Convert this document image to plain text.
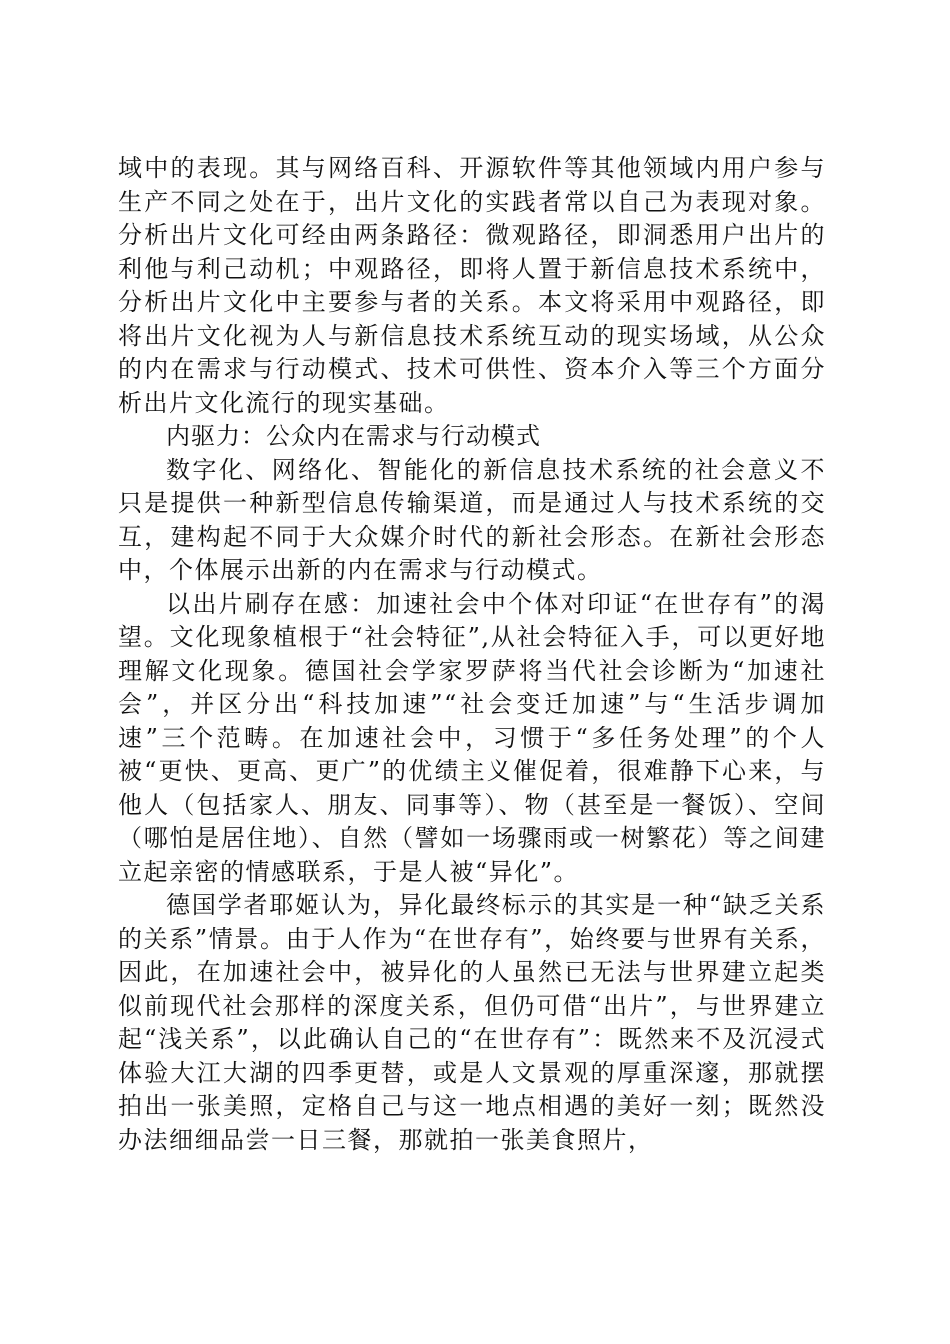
域中的表现。其与网络百科、开源软件等其他领域内用户参与生产不同之处在于，出片文化的实践者常以自己为表现对象。分析出片文化可经由两条路径：微观路径，即洞悉用户出片的利他与利己动机；中观路径，即将人置于新信息技术系统中，分析出片文化中主要参与者的关系。本文将采用中观路径，即将出片文化视为人与新信息技术系统互动的现实场域，从公众的内在需求与行动模式、技术可供性、资本介入等三个方面分析出片文化流行的现实基础。

内驱力：公众内在需求与行动模式

数字化、网络化、智能化的新信息技术系统的社会意义不只是提供一种新型信息传输渠道，而是通过人与技术系统的交互，建构起不同于大众媒介时代的新社会形态。在新社会形态中，个体展示出新的内在需求与行动模式。

以出片刷存在感：加速社会中个体对印证“在世存有”的渴望。文化现象植根于“社会特征”,从社会特征入手，可以更好地理解文化现象。德国社会学家罗萨将当代社会诊断为“加速社会”，并区分出“科技加速”“社会变迁加速”与“生活步调加速”三个范畴。在加速社会中，习惯于“多任务处理”的个人被“更快、更高、更广”的优绩主义催促着，很难静下心来，与他人（包括家人、朋友、同事等）、物（甚至是一餐饭）、空间（哪怕是居住地）、自然（譬如一场骤雨或一树繁花）等之间建立起亲密的情感联系，于是人被“异化”。

德国学者耶姬认为，异化最终标示的其实是一种“缺乏关系的关系”情景。由于人作为“在世存有”，始终要与世界有关系，因此，在加速社会中，被异化的人虽然已无法与世界建立起类似前现代社会那样的深度关系，但仍可借“出片”，与世界建立起“浅关系”，以此确认自己的“在世存有”：既然来不及沉浸式体验大江大湖的四季更替，或是人文景观的厚重深邃，那就摆拍出一张美照，定格自己与这一地点相遇的美好一刻；既然没办法细细品尝一日三餐，那就拍一张美食照片，
